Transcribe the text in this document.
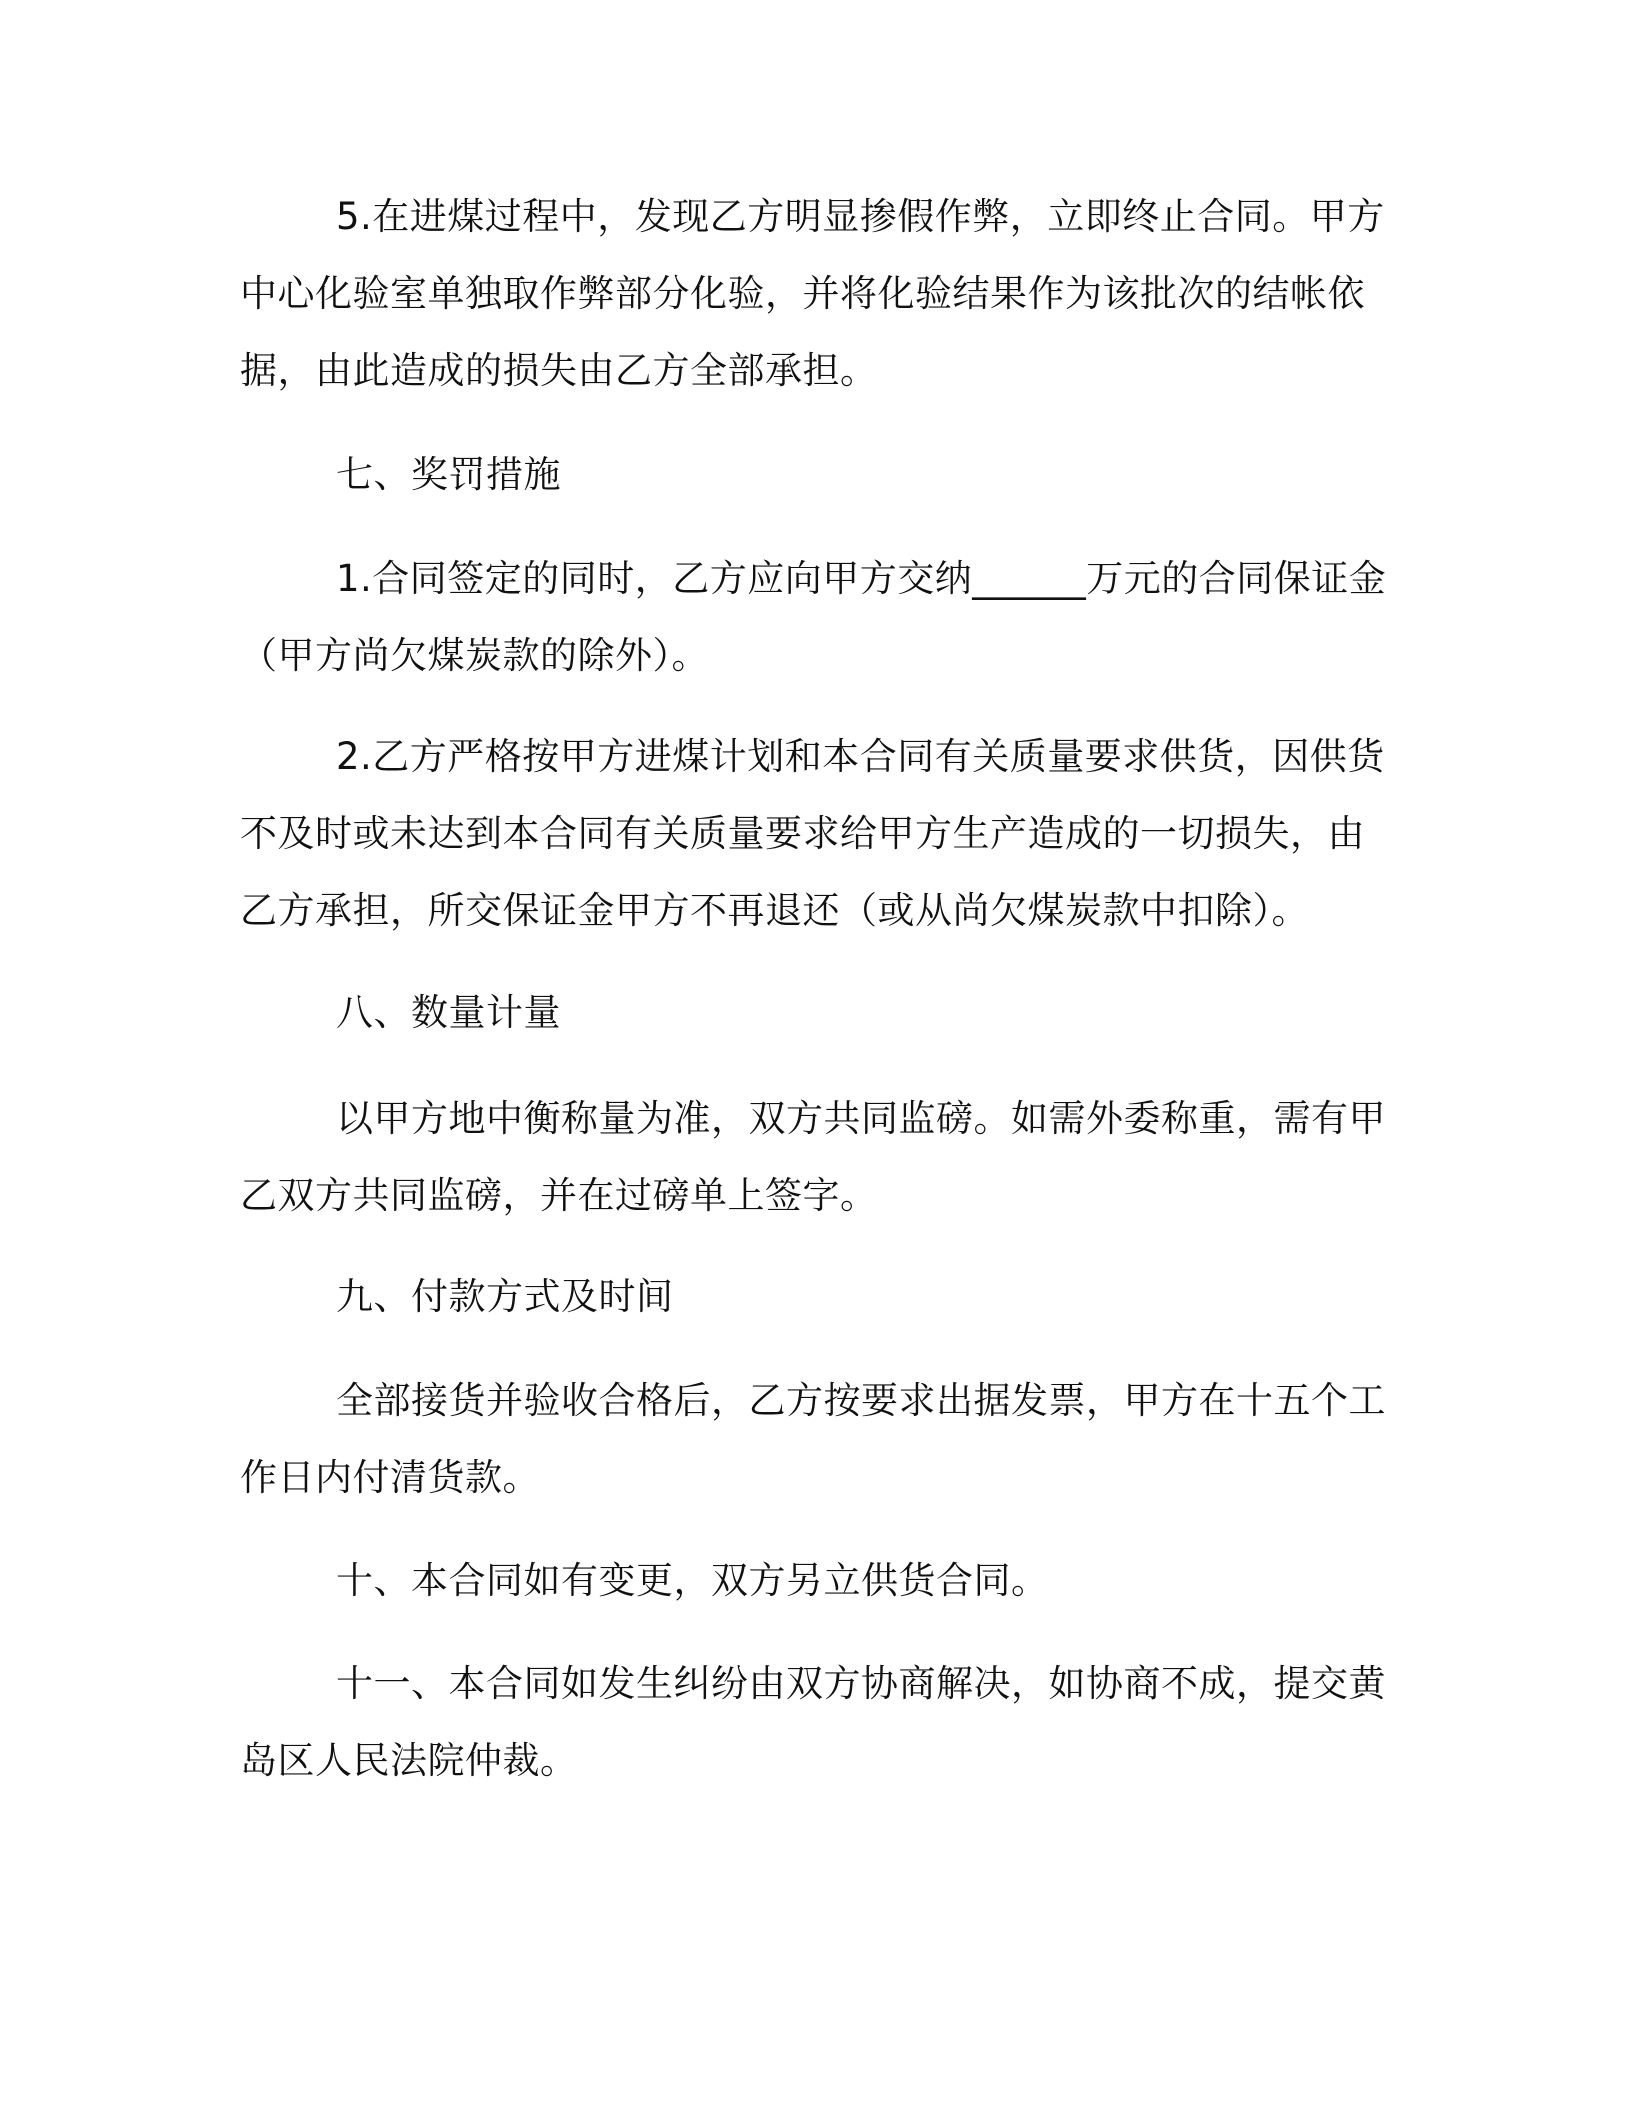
5.在进煤过程中，发现乙方明显掺假作弊，立即终止合同。甲方
中心化验室单独取作弊部分化验，并将化验结果作为该批次的结帐依
据，由此造成的损失由乙方全部承担。
七、奖罚措施
1.合同签定的同时，乙方应向甲方交纳______万元的合同保证金
（甲方尚欠煤炭款的除外）。
2.乙方严格按甲方进煤计划和本合同有关质量要求供货，因供货
不及时或未达到本合同有关质量要求给甲方生产造成的一切损失，由
乙方承担，所交保证金甲方不再退还（或从尚欠煤炭款中扣除）。
八、数量计量
以甲方地中衡称量为准，双方共同监磅。如需外委称重，需有甲
乙双方共同监磅，并在过磅单上签字。
九、付款方式及时间
全部接货并验收合格后，乙方按要求出据发票，甲方在十五个工
作日内付清货款。
十、本合同如有变更，双方另立供货合同。
十一、本合同如发生纠纷由双方协商解决，如协商不成，提交黄
岛区人民法院仲裁。
